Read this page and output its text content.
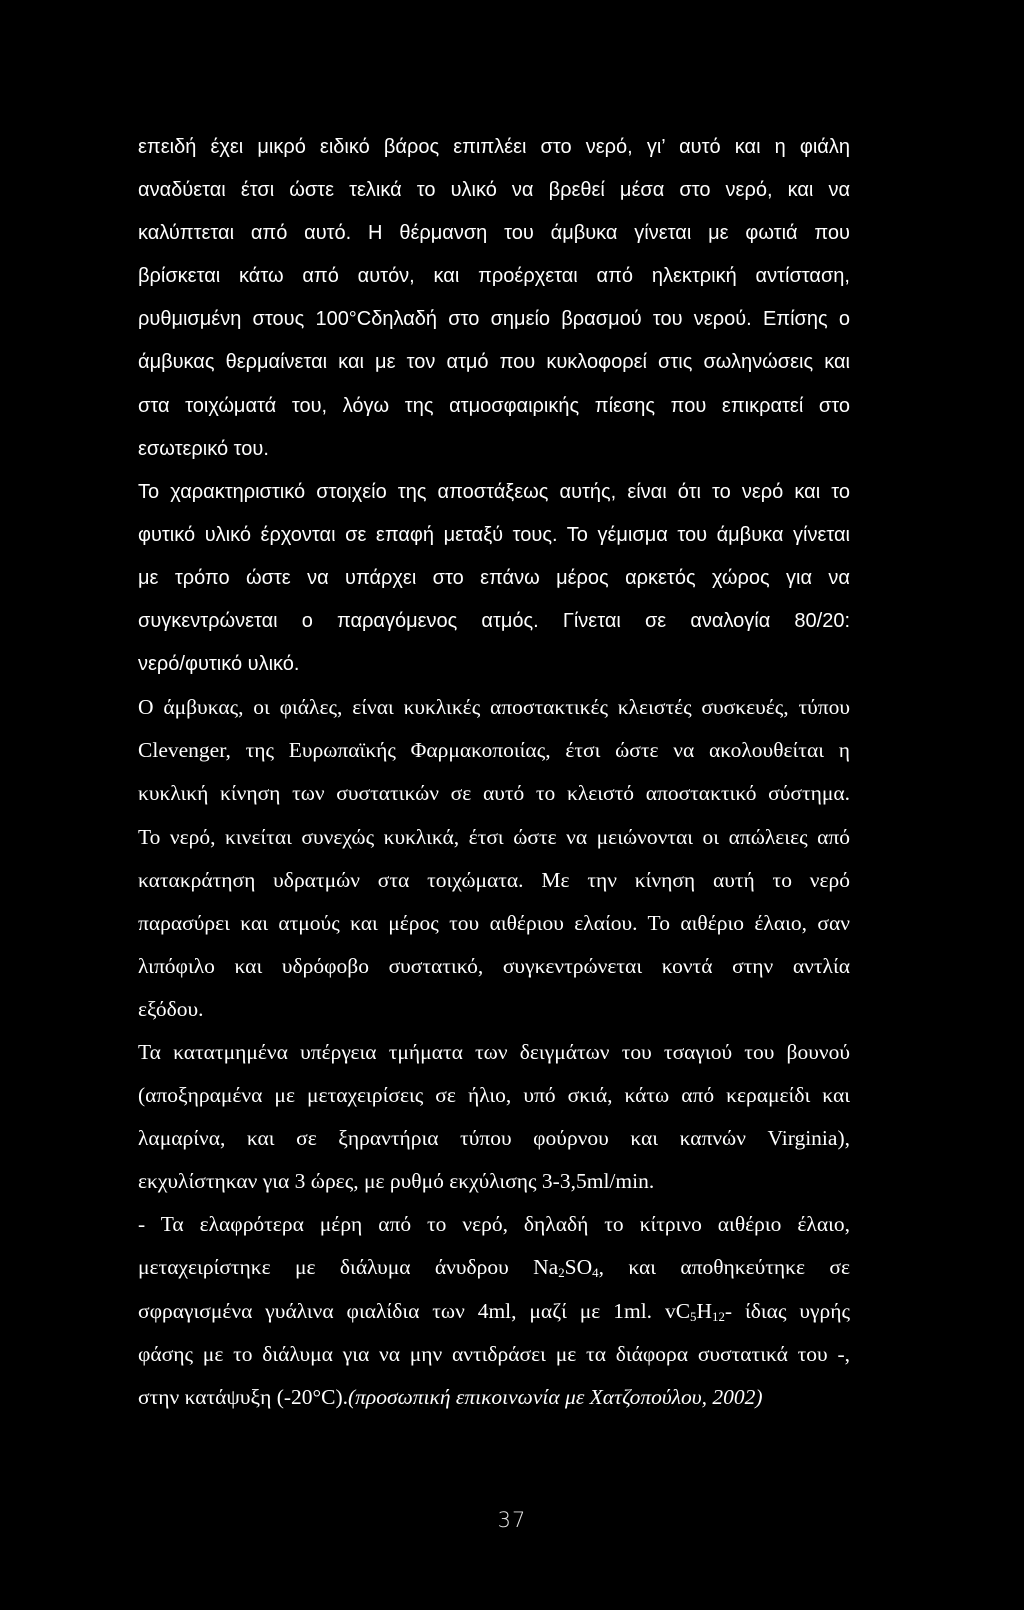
επειδή έχει μικρό ειδικό βάρος επιπλέει στο νερό, γι’ αυτό και η φιάλη
αναδύεται έτσι ώστε τελικά το υλικό να βρεθεί μέσα στο νερό, και να
καλύπτεται από αυτό. Η θέρμανση του άμβυκα γίνεται με φωτιά που
βρίσκεται κάτω από αυτόν, και προέρχεται από ηλεκτρική αντίσταση,
ρυθμισμένη στους 100°Cδηλαδή στο σημείο βρασμού του νερού. Επίσης ο
άμβυκας θερμαίνεται και με τον ατμό που κυκλοφορεί στις σωληνώσεις και
στα τοιχώματά του, λόγω της ατμοσφαιρικής πίεσης που επικρατεί στο
εσωτερικό του.
Το χαρακτηριστικό στοιχείο της αποστάξεως αυτής, είναι ότι το νερό και το
φυτικό υλικό έρχονται σε επαφή μεταξύ τους. Το γέμισμα του άμβυκα γίνεται
με τρόπο ώστε να υπάρχει στο επάνω μέρος αρκετός χώρος για να
συγκεντρώνεται ο παραγόμενος ατμός. Γίνεται σε αναλογία 80/20:
νερό/φυτικό υλικό.
Ο άμβυκας, οι φιάλες, είναι κυκλικές αποστακτικές κλειστές συσκευές, τύπου
Clevenger, της Ευρωπαϊκής Φαρμακοποιίας, έτσι ώστε να ακολουθείται η
κυκλική κίνηση των συστατικών σε αυτό το κλειστό αποστακτικό σύστημα.
Το νερό, κινείται συνεχώς κυκλικά, έτσι ώστε να μειώνονται οι απώλειες από
κατακράτηση υδρατμών στα τοιχώματα. Με την κίνηση αυτή το νερό
παρασύρει και ατμούς και μέρος του αιθέριου ελαίου. Το αιθέριο έλαιο, σαν
λιπόφιλο και υδρόφοβο συστατικό, συγκεντρώνεται κοντά στην αντλία
εξόδου.
Τα κατατμημένα υπέργεια τμήματα των δειγμάτων του τσαγιού του βουνού
(αποξηραμένα με μεταχειρίσεις σε ήλιο, υπό σκιά, κάτω από κεραμείδι και
λαμαρίνα, και σε ξηραντήρια τύπου φούρνου και καπνών Virginia),
εκχυλίστηκαν για 3 ώρες, με ρυθμό εκχύλισης 3-3,5ml/min.
- Τα ελαφρότερα μέρη από το νερό, δηλαδή το κίτρινο αιθέριο έλαιο,
μεταχειρίστηκε με διάλυμα άνυδρου $Na_2SO_4$, και αποθηκεύτηκε σε
σφραγισμένα γυάλινα φιαλίδια των 4ml, μαζί με 1ml. $vC_5H_{12}-$ ίδιας υγρής
φάσης με το διάλυμα για να μην αντιδράσει με τα διάφορα συστατικά του -,
στην κατάψυξη (-20°C).(προσωπική επικοινωνία με Χατζοπούλου, 2002)
37
